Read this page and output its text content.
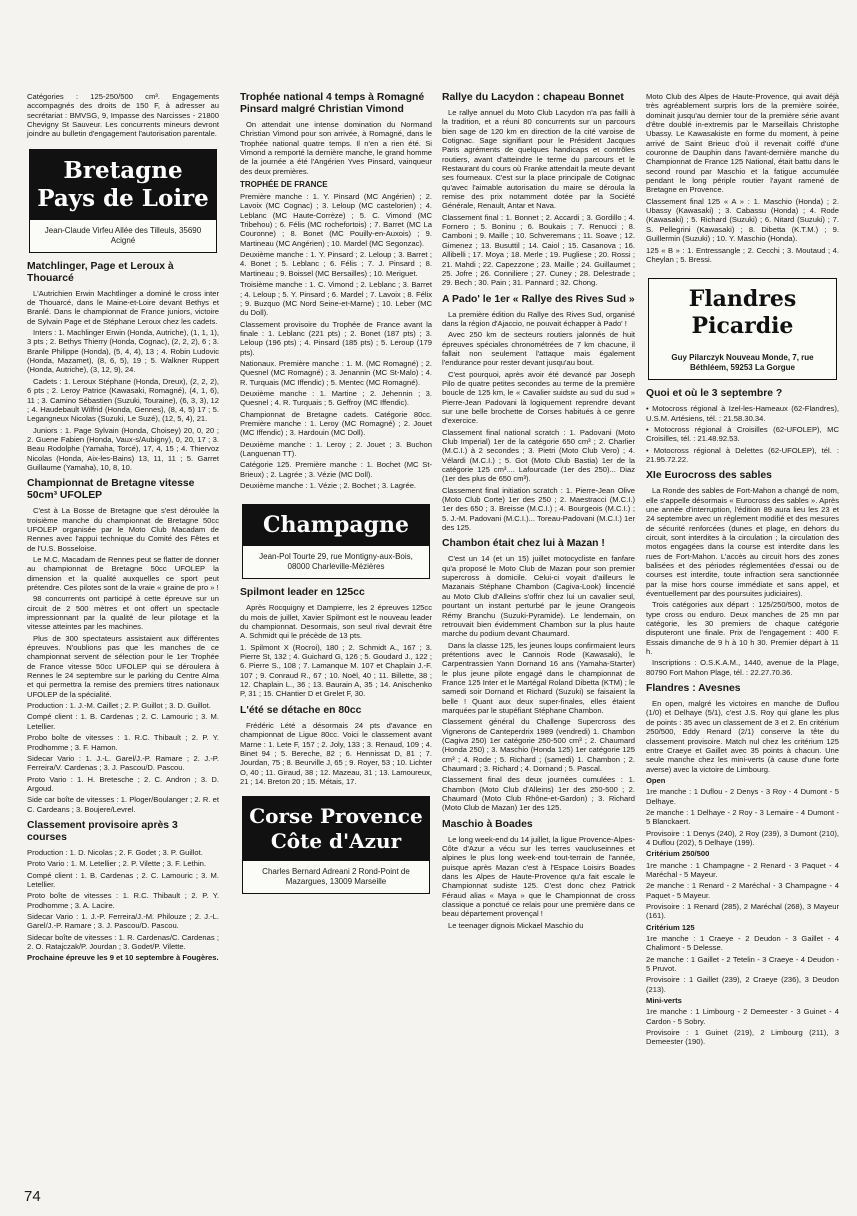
Catégories : 125-250/500 cm³. Engagements accompagnés des droits de 150 F, à adresser au secrétariat : BMVSG, 9, Impasse des Narcisses - 21800 Chevigny St Sauveur. Les concurrents mineurs devront joindre au bulletin d'engagement l'autorisation parentale.

Bretagne Pays de Loire
Jean-Claude Virfeu Allée des Tilleuls, 35690 Acigné
Matchlinger, Page et Leroux à Thouarcé

L'Autrichien Erwin Machtlinger a dominé le cross inter de Thouarcé, dans le Maine-et-Loire devant Bethys et Branlé. Dans le championnat de France juniors, victoire de Sylvain Page et de Stéphane Leroux chez les cadets.

Inters : 1. Machlinger Erwin (Honda, Autriche), (1, 1, 1), 3 pts ; 2. Bethys Thierry (Honda, Cognac), (2, 2, 2), 6 ; 3. Branle Philippe (Honda), (5, 4, 4), 13 ; 4. Robin Ludovic (Honda, Mazamet), (8, 6, 5), 19 ; 5. Walkner Ruppert (Honda, Autriche), (3, 12, 9), 24.

Cadets : 1. Leroux Stéphane (Honda, Dreux), (2, 2, 2), 6 pts ; 2. Leroy Patrice (Kawasaki, Romagné), (4, 1, 6), 11 ; 3. Camino Sébastien (Suzuki, Touraine), (6, 3, 3), 12 ; 4. Haudebault Wilfrid (Honda, Gennes), (8, 4, 5) 17 ; 5. Legangneux Nicolas (Suzuki, Le Suzé), (12, 5, 4), 21.

Juniors : 1. Page Sylvain (Honda, Choisey) 20, 0, 20 ; 2. Guene Fabien (Honda, Vaux-s/Aubigny), 0, 20, 17 ; 3. Beau Rodolphe (Yamaha, Torcé), 17, 4, 15 ; 4. Thiervoz Nicolas (Honda, Aix-les-Bains) 13, 11, 11 ; 5. Garret Guillaume (Yamaha), 10, 8, 10.

Championnat de Bretagne vitesse 50cm³ UFOLEP

C'est à La Bosse de Bretagne que s'est déroulée la troisième manche du championnat de Bretagne 50cc UFOLEP organisée par le Moto Club Macadam de Rennes avec l'appui technique du Comité des Fêtes et de l'U.S. Bosseloise.

Le M.C. Macadam de Rennes peut se flatter de donner au championnat de Bretagne 50cc UFOLEP la dimension et la qualité auxquelles ce sport peut prétendre. Ces pilotes sont de la vraie « graine de pro » !

98 concurrents ont participé à cette épreuve sur un circuit de 2 500 mètres et ont offert un spectacle impressionnant par la qualité de leur pilotage et la vitesse atteintes par les machines.

Plus de 300 spectateurs assistaient aux différentes épreuves. N'oublions pas que les manches de ce championnat servent de sélection pour le 1er Trophée de France vitesse 50cc UFOLEP qui se déroulera à Rennes le 24 septembre sur le parking du Centre Alma et qui permettra la remise des premiers titres nationaux UFOLEP de la spécialité.

Production : 1. J.-M. Caillet ; 2. P. Guillot ; 3. D. Guillot.

Compé client : 1. B. Cardenas ; 2. C. Lamouric ; 3. M. Letellier.

Probo boîte de vitesses : 1. R.C. Thibault ; 2. P. Y. Prodhomme ; 3. F. Hamon.

Sidecar Vario : 1. J.-L. Garel/J.-P. Ramare ; 2. J.-P. Ferreira/V. Cardenas ; 3. J. Pascou/D. Pascou.

Proto Vario : 1. H. Bretesche ; 2. C. Andron ; 3. D. Argoud.

Side car boîte de vitesses : 1. Ploger/Boulanger ; 2. R. et C. Cardeans ; 3. Boujere/Levrel.

Classement provisoire après 3 courses

Production : 1. D. Nicolas ; 2. F. Godet ; 3. P. Guillot.

Proto Vario : 1. M. Letellier ; 2. P. Vilette ; 3. F. Lethin.

Compé client : 1. B. Cardenas ; 2. C. Lamouric ; 3. M. Letellier.

Proto boîte de vitesses : 1. R.C. Thibault ; 2. P. Y. Prodhomme ; 3. A. Lacire.

Sidecar Vario : 1. J.-P. Ferreira/J.-M. Philouze ; 2. J.-L. Garel/J.-P. Ramare ; 3. J. Pascou/D. Pascou.

Sidecar boîte de vitesses : 1. R. Cardenas/C. Cardenas ; 2. O. Ratajczak/P. Jourdan ; 3. Godet/P. Vilette.

Prochaine épreuve les 9 et 10 septembre à Fougères.

Trophée national 4 temps à Romagné Pinsard malgré Christian Vimond

On attendait une intense domination du Normand Christian Vimond pour son arrivée, à Romagné, dans le Trophée national quatre temps. Il n'en a rien été. Si Vimond a remporté la dernière manche, le grand homme de la journée a été l'Angérien Yves Pinsard, vainqueur des deux premières.

TROPHÉE DE FRANCE

Première manche : 1. Y. Pinsard (MC Angérien) ; 2. Lavoix (MC Cognac) ; 3. Leloup (MC castelorien) ; 4. Leblanc (MC Haute-Corrèze) ; 5. C. Vimond (MC Tribehou) ; 6. Félis (MC rochefortois) ; 7. Barret (MC La Couronne) ; 8. Bonet (MC Pouilly-en-Auxois) ; 9. Martineau (MC Angérien) ; 10. Mardel (MC Segonzac).

Deuxième manche : 1. Y. Pinsard ; 2. Leloup ; 3. Barret ; 4. Bonet ; 5. Leblanc ; 6. Félis ; 7. J. Pinsard ; 8. Martineau ; 9. Boissel (MC Bersailles) ; 10. Meriguet.

Troisième manche : 1. C. Vimond ; 2. Leblanc ; 3. Barret ; 4. Leloup ; 5. Y. Pinsard ; 6. Mardel ; 7. Lavoix ; 8. Félix ; 9. Buzquo (MC Nord Seine-et-Marne) ; 10. Leber (MC du Doll).

Classement provisoire du Trophée de France avant la finale : 1. Leblanc (221 pts) ; 2. Bonet (187 pts) ; 3. Leloup (196 pts) ; 4. Pinsard (185 pts) ; 5. Leroup (179 pts).

Nationaux. Première manche : 1. M. (MC Romagné) ; 2. Quesnel (MC Romagné) ; 3. Jenannin (MC St-Malo) ; 4. R. Turquais (MC Iffendic) ; 5. Mentec (MC Romagné).

Deuxième manche : 1. Martine ; 2. Jehennin ; 3. Quesnel ; 4. R. Turquais ; 5. Geffroy (MC Iffendic).

Championnat de Bretagne cadets. Catégorie 80cc. Première manche : 1. Leroy (MC Romagné) ; 2. Jouet (MC Iffendic) ; 3. Hardouin (MC Doll).

Deuxième manche : 1. Leroy ; 2. Jouet ; 3. Buchon (Languenan TT).

Catégorie 125. Première manche : 1. Bochet (MC St-Brieux) ; 2. Lagrée ; 3. Vézie (MC Doll).

Deuxième manche : 1. Vézie ; 2. Bochet ; 3. Lagrée.

Champagne
Jean-Pol Tourte 29, rue Montigny-aux-Bois, 08000 Charleville-Mézières
Spilmont leader en 125cc

Après Rocquigny et Dampierre, les 2 épreuves 125cc du mois de juillet, Xavier Spilmont est le nouveau leader du championnat. Desormais, son seul rival devrait être A. Schmidt qui le précède de 13 pts.

1. Spilmont X (Rocroi), 180 ; 2. Schmidt A., 167 ; 3. Pierre St, 132 ; 4. Guichard G, 126 ; 5. Goudard J., 122 ; 6. Pierre S., 108 ; 7. Lamanque M. 107 et Chaplain J.-F. 107 ; 9. Conraud R., 67 ; 10. Noël, 40 ; 11. Billette, 38 ; 12. Chaplain L., 36 ; 13. Baurain A, 35 ; 14. Anischenko P, 31 ; 15. CHantier D et Grelet F, 30.

L'été se détache en 80cc

Frédéric Lété a désormais 24 pts d'avance en championnat de Ligue 80cc. Voici le classement avant Marne : 1. Lete F, 157 ; 2. Joly, 133 ; 3. Renaud, 109 ; 4. Binet 94 ; 5. Bereche, 82 ; 6. Hennissat D, 81 ; 7. Jourdan, 75 ; 8. Beurville J, 65 ; 9. Royer, 53 ; 10. Lichter O, 40 ; 11. Giraud, 38 ; 12. Mazeau, 31 ; 13. Lamoureux, 21 ; 14. Breton 20 ; 15. Métais, 17.

Corse Provence Côte d'Azur
Charles Bernard Adreani 2 Rond-Point de Mazargues, 13009 Marseille
Rallye du Lacydon : chapeau Bonnet

Le rallye annuel du Moto Club Lacydon n'a pas failli à la tradition, et a réuni 80 concurrents sur un parcours bien sage de 120 km en direction de la cité varoise de Cotignac. Sage signifiant pour le Président Jacques Paris agréments de quelques handicaps et contrôles routiers, avant d'atteindre le terme du parcours et le Restaurant du cours où Franke attendait la meute devant ses fourneaux. C'est sur la place principale de Cotignac qu'avec l'aimable autorisation du maire se déroula la remise des prix notamment dotée par la Société Générale, Renault, Antar et Nava.

Classement final : 1. Bonnet ; 2. Accardi ; 3. Gordillo ; 4. Fornero ; 5. Boninu ; 6. Boukais ; 7. Renucci ; 8. Camboni ; 9. Maille ; 10. Schveremans ; 11. Soave ; 12. Gimenez ; 13. Busuttil ; 14. Caiol ; 15. Casanova ; 16. Allibelli ; 17. Moya ; 18. Merle ; 19. Pugliese ; 20. Rossi ; 21. Mahdi ; 22. Capezzone ; 23. Maille ; 24. Guillaumet ; 25. Jofre ; 26. Conniliere ; 27. Cuney ; 28. Delestrade ; 29. Bech ; 30. Pain ; 31. Pannard ; 32. Chong.

A Pado' le 1er « Rallye des Rives Sud »

La première édition du Rallye des Rives Sud, organisé dans la région d'Ajaccio, ne pouvait échapper à Pado' !

Avec 250 km de secteurs routiers jalonnés de huit épreuves spéciales chronométrées de 7 km chacune, il fallait non seulement l'attaque mais également l'endurance pour rester devant jusqu'au bout.

C'est pourquoi, après avoir été devancé par Joseph Pilo de quatre petites secondes au terme de la première boucle de 125 km, le « Cavalier suidste au sud du sud » Pierre-Jean Padovani là logiquement reprendre devant sur une belle brochette de Corses habitués à ce genre d'exercice.

Classement final national scratch : 1. Padovani (Moto Club Imperial) 1er de la catégorie 650 cm³ ; 2. Charlier (M.C.I.) à 2 secondes ; 3. Pietri (Moto Club Vero) ; 4. Vélardi (M.C.I.) ; 5. Got (Moto Club Bastia) 1er de la catégorie 125 cm³.... Lafourcade (1er des 250)... Diaz (1er des plus de 650 cm³).

Classement final initiation scratch : 1. Pierre-Jean Olive (Moto Club Corte) 1er des 250 ; 2. Maestracci (M.C.I.) 1er des 650 ; 3. Breisse (M.C.I.) ; 4. Bourgeois (M.C.I.) ; 5. J.-M. Padovani (M.C.I.)... Toreau-Padovani (M.C.I.) 1er des 125.

Chambon était chez lui à Mazan !

C'est un 14 (et un 15) juillet motocycliste en fanfare qu'a proposé le Moto Club de Mazan pour son premier supercross à domicile. Celui-ci voyait d'ailleurs le Mazanais Stéphane Chambon (Cagiva-Look) lincencié au Moto Club d'Alleins s'offrir chez lui un cavalier seul, pourtant un instant perturbé par le jeune Orangeois Rémy Branchu (Suzuki-Pyramide). Le lendemain, on retrouvait bien évidemment Chambon sur la plus haute marche du podium devant Chaumard.

Dans la classe 125, les jeunes loups confirmaient leurs prétentions avec le Cannois Rode (Kawasaki), le Carpentrassien Yann Dornand 16 ans (Yamaha-Starter) le plus jeune pilote engagé dans le championnat de France 125 Inter et le Martégal Roland Dibetta (KTM) ; le samedi soir Dornand et Richard (Suzuki) se faisaient la belle ! Quant aux deux super-finales, elles étaient marquées par le stupéfiant Stéphane Chambon.

Classement général du Challenge Supercross des Vignerons de Canteperdrix 1989 (vendredi) 1. Chambon (Cagiva 250) 1er catégorie 250-500 cm³ ; 2. Chaumard (Honda 250) ; 3. Maschio (Honda 125) 1er catégorie 125 cm³ ; 4. Rode ; 5. Richard ; (samedi) 1. Chambon ; 2. Chaumard ; 3. Richard ; 4. Dornand ; 5. Pascal.

Classement final des deux journées cumulées : 1. Chambon (Moto Club d'Alleins) 1er des 250-500 ; 2. Chaumard (Moto Club Rhône-et-Gardon) ; 3. Richard (Moto Club de Mazan) 1er des 125.

Maschio à Boades

Le long week-end du 14 juillet, la ligue Provence-Alpes-Côte d'Azur a vécu sur les terres vaucluseinnes et alpines le plus long week-end tout-terrain de l'année, puisque après Mazan c'est à l'Espace Loisirs Boades dans les Alpes de Haute-Provence qu'a fait escale le Championnat sudiste 125. C'est donc chez Patrick Féraud alias « Maya » que le Championnat de cross classique a ponctué ce relais pour une première dans ce beau département provençal !

Le teenager dignois Mickael Maschio du

Moto Club des Alpes de Haute-Provence, qui avait déjà très agréablement surpris lors de la première soirée, dominait jusqu'au dernier tour de la première série avant d'être doublé in-extremis par le Marseillais Christophe Ubassy. Le Kawasakiste en forme du moment, à peine arrivé de Saint Brieuc d'où il revenait coiffé d'une couronne de Dauphin dans l'avant-dernière manche du Championnat de France 125 National, était battu dans le second round par Maschio et la fatigue accumulée pendant le long périple routier l'ayant ramené de Bretagne en Provence.

Classement final 125 « A » : 1. Maschio (Honda) ; 2. Ubassy (Kawasaki) ; 3. Cabassu (Honda) ; 4. Rode (Kawasaki) ; 5. Richard (Suzuki) ; 6. Nitard (Suzuki) ; 7. S. Pellegrini (Kawasaki) ; 8. Dibetta (K.T.M.) ; 9. Guillermin (Suzuki) ; 10. Y. Maschio (Honda).

125 « B » : 1. Entressangle ; 2. Cecchi ; 3. Moutaud ; 4. Cheylan ; 5. Bressi.

Flandres Picardie
Guy Pilarczyk Nouveau Monde, 7, rue Béthléem, 59253 La Gorgue
Quoi et où le 3 septembre ?

• Motocross régional à Izel-les-Hameaux (62-Flandres), U.S.M. Artésiens, tél. : 21.58.30.34.

• Motocross régional à Croisilles (62-UFOLEP), MC Croisilles, tél. : 21.48.92.53.

• Motocross régional à Delettes (62-UFOLEP), tél. : 21.95.72.22.

XIe Eurocross des sables

La Ronde des sables de Fort-Mahon a changé de nom, elle s'appelle désormais « Eurocross des sables ». Après une année d'interruption, l'édition 89 aura lieu les 23 et 24 septembre avec un règlement modifié et des mesures de sécurité renforcées (dunes et plage, en dehors du circuit, sont interdites à la circulation ; la circulation des motos engagées dans la course est interdite dans les rues de Fort-Mahon. L'accès au circuit hors des zones balisées et des périodes réglementées d'essai ou de courses est interdite, toute infraction sera sanctionnée par la mise hors course immédiate et sans appel, et éventuellement par des poursuites judiciaires).

Trois catégories aux départ : 125/250/500, motos de type cross ou enduro. Deux manches de 25 mn par catégorie, les 30 premiers de chaque catégorie disputeront une finale. Prix de l'engagement : 400 F. Essais dimanche de 9 h à 10 h 30. Premier départ à 11 h.

Inscriptions : O.S.K.A.M., 1440, avenue de la Plage, 80790 Fort Mahon Plage, tél. : 22.27.70.36.

Flandres : Avesnes

En open, malgré les victoires en manche de Duflou (1/0) et Delhaye (5/1), c'est J.S. Roy qui glane les plus de points : 35 avec un classement de 3 et 2. En critérium 250/500, Eddy Renard (2/1) conserve la tête du classement provisoire. Match nul chez les critérium 125 entre Craeye et Gaillet avec 35 points à chacun. Une seule manche chez les mini-verts (à cause d'une forte averse) avec la victoire de Limbourg.

Open

1re manche : 1 Duflou - 2 Denys - 3 Roy - 4 Dumont - 5 Delhaye.

2e manche : 1 Delhaye - 2 Roy - 3 Lemaire - 4 Dumont - 5 Blanckaert.

Provisoire : 1 Denys (240), 2 Roy (239), 3 Dumont (210), 4 Duflou (202), 5 Delhaye (199).

Critérium 250/500

1re manche : 1 Champagne - 2 Renard - 3 Paquet - 4 Maréchal - 5 Mayeur.

2e manche : 1 Renard - 2 Maréchal - 3 Champagne - 4 Paquet - 5 Mayeur.

Provisoire : 1 Renard (285), 2 Maréchal (268), 3 Mayeur (161).

Critérium 125

1re manche : 1 Craeye - 2 Deudon - 3 Gaillet - 4 Chalimont - 5 Delesse.

2e manche : 1 Gaillet - 2 Tetelin - 3 Craeye - 4 Deudon - 5 Pruvot.

Provisoire : 1 Gaillet (239), 2 Craeye (236), 3 Deudon (213).

Mini-verts

1re manche : 1 Limbourg - 2 Demeester - 3 Guinet - 4 Cardon - 5 Sobry.

Provisoire : 1 Guinet (219), 2 Limbourg (211), 3 Demeester (190).

74
